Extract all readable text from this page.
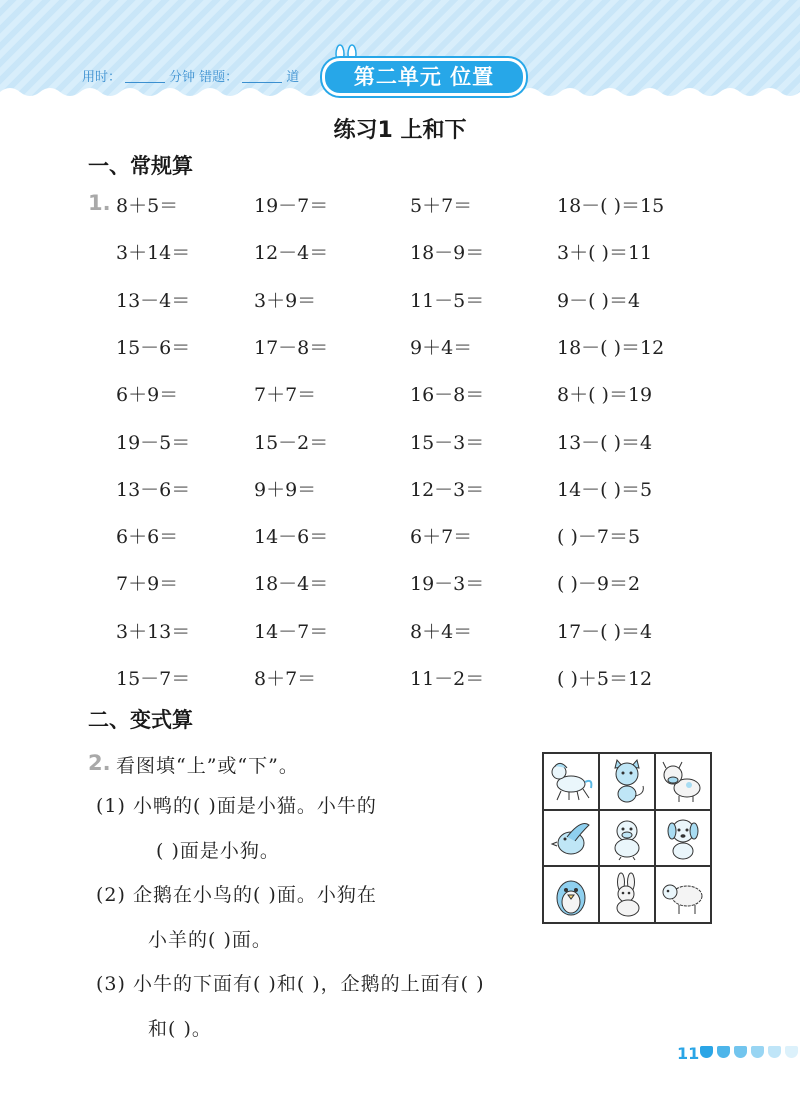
用时：	分钟 错题：	道	第二单元 位置
练习1 上和下
一、常规算
1. 8＋5＝	19－7＝	5＋7＝	18－( )＝15
3＋14＝	12－4＝	18－9＝	3＋( )＝11
13－4＝	3＋9＝	11－5＝	9－( )＝4
15－6＝	17－8＝	9＋4＝	18－( )＝12
6＋9＝	7＋7＝	16－8＝	8＋( )＝19
19－5＝	15－2＝	15－3＝	13－( )＝4
13－6＝	9＋9＝	12－3＝	14－( )＝5
6＋6＝	14－6＝	6＋7＝	( )－7＝5
7＋9＝	18－4＝	19－3＝	( )－9＝2
3＋13＝	14－7＝	8＋4＝	17－( )＝4
15－7＝	8＋7＝	11－2＝	( )＋5＝12
二、变式算
2. 看图填“上”或“下”。
(1) 小鸭的( )面是小猫。小牛的
( )面是小狗。
(2) 企鹅在小鸟的( )面。小狗在
小羊的( )面。
(3) 小牛的下面有( )和( )，企鹅的上面有( )
和( )。
11
